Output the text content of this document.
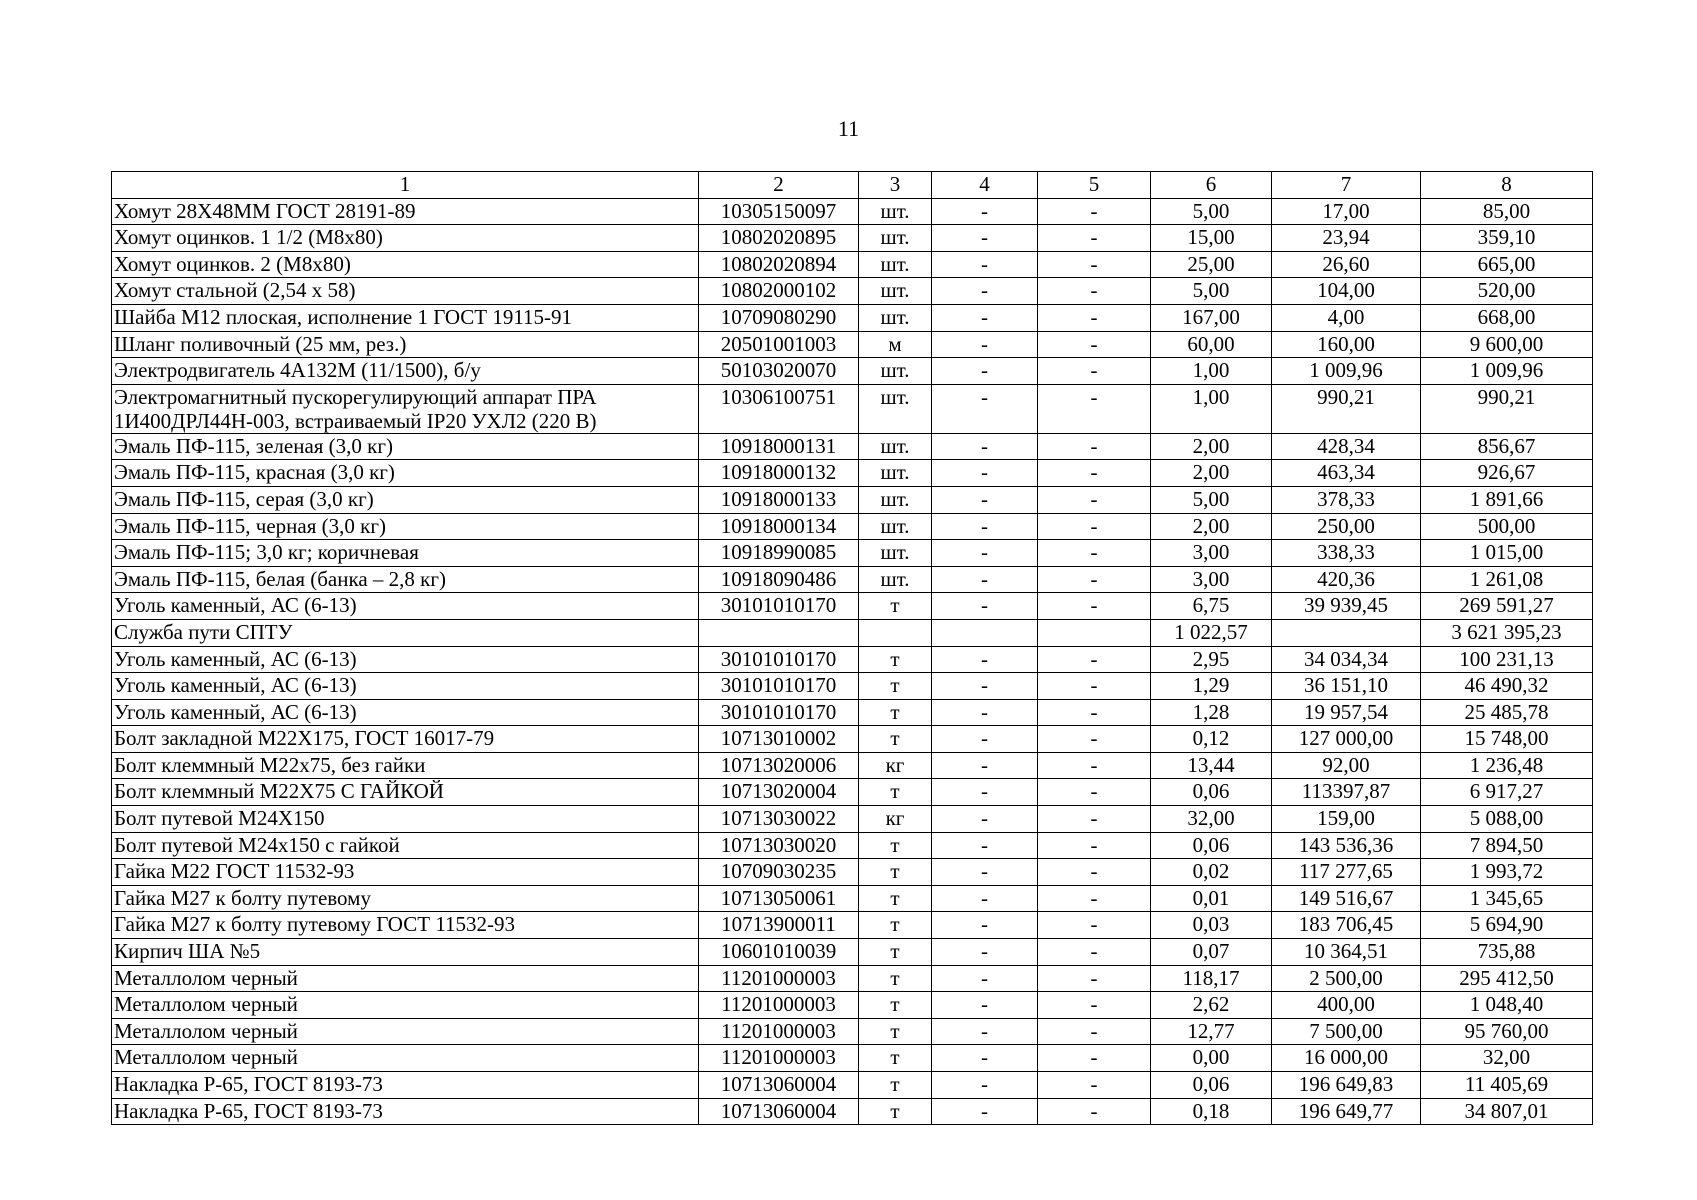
11
1	2	3	4	5	6	7	8
Хомут 28Х48ММ ГОСТ 28191-89	10305150097	шт.	-	-	5,00	17,00	85,00
Хомут оцинков. 1 1/2 (М8х80)	10802020895	шт.	-	-	15,00	23,94	359,10
Хомут оцинков. 2 (М8х80)	10802020894	шт.	-	-	25,00	26,60	665,00
Хомут стальной (2,54 х 58)	10802000102	шт.	-	-	5,00	104,00	520,00
Шайба М12 плоская, исполнение 1 ГОСТ 19115-91	10709080290	шт.	-	-	167,00	4,00	668,00
Шланг поливочный (25 мм, рез.)	20501001003	м	-	-	60,00	160,00	9 600,00
Электродвигатель 4А132М (11/1500), б/у	50103020070	шт.	-	-	1,00	1 009,96	1 009,96
Электромагнитный пускорегулирующий аппарат ПРА 1И400ДРЛ44Н-003, встраиваемый IP20 УХЛ2 (220 В)	10306100751	шт.	-	-	1,00	990,21	990,21
Эмаль ПФ-115, зеленая (3,0 кг)	10918000131	шт.	-	-	2,00	428,34	856,67
Эмаль ПФ-115, красная (3,0 кг)	10918000132	шт.	-	-	2,00	463,34	926,67
Эмаль ПФ-115, серая (3,0 кг)	10918000133	шт.	-	-	5,00	378,33	1 891,66
Эмаль ПФ-115, черная (3,0 кг)	10918000134	шт.	-	-	2,00	250,00	500,00
Эмаль ПФ-115; 3,0 кг; коричневая	10918990085	шт.	-	-	3,00	338,33	1 015,00
Эмаль ПФ-115, белая (банка – 2,8 кг)	10918090486	шт.	-	-	3,00	420,36	1 261,08
Уголь каменный, АС (6-13)	30101010170	т	-	-	6,75	39 939,45	269 591,27
Служба пути СПТУ					1 022,57		3 621 395,23
Уголь каменный, АС (6-13)	30101010170	т	-	-	2,95	34 034,34	100 231,13
Уголь каменный, АС (6-13)	30101010170	т	-	-	1,29	36 151,10	46 490,32
Уголь каменный, АС (6-13)	30101010170	т	-	-	1,28	19 957,54	25 485,78
Болт закладной М22Х175, ГОСТ 16017-79	10713010002	т	-	-	0,12	127 000,00	15 748,00
Болт клеммный М22х75, без гайки	10713020006	кг	-	-	13,44	92,00	1 236,48
Болт клеммный М22Х75 С ГАЙКОЙ	10713020004	т	-	-	0,06	113397,87	6 917,27
Болт путевой М24Х150	10713030022	кг	-	-	32,00	159,00	5 088,00
Болт путевой М24х150 с гайкой	10713030020	т	-	-	0,06	143 536,36	7 894,50
Гайка М22 ГОСТ 11532-93	10709030235	т	-	-	0,02	117 277,65	1 993,72
Гайка М27 к болту путевому	10713050061	т	-	-	0,01	149 516,67	1 345,65
Гайка М27 к болту путевому ГОСТ 11532-93	10713900011	т	-	-	0,03	183 706,45	5 694,90
Кирпич ША №5	10601010039	т	-	-	0,07	10 364,51	735,88
Металлолом черный	11201000003	т	-	-	118,17	2 500,00	295 412,50
Металлолом черный	11201000003	т	-	-	2,62	400,00	1 048,40
Металлолом черный	11201000003	т	-	-	12,77	7 500,00	95 760,00
Металлолом черный	11201000003	т	-	-	0,00	16 000,00	32,00
Накладка Р-65, ГОСТ 8193-73	10713060004	т	-	-	0,06	196 649,83	11 405,69
Накладка Р-65, ГОСТ 8193-73	10713060004	т	-	-	0,18	196 649,77	34 807,01
